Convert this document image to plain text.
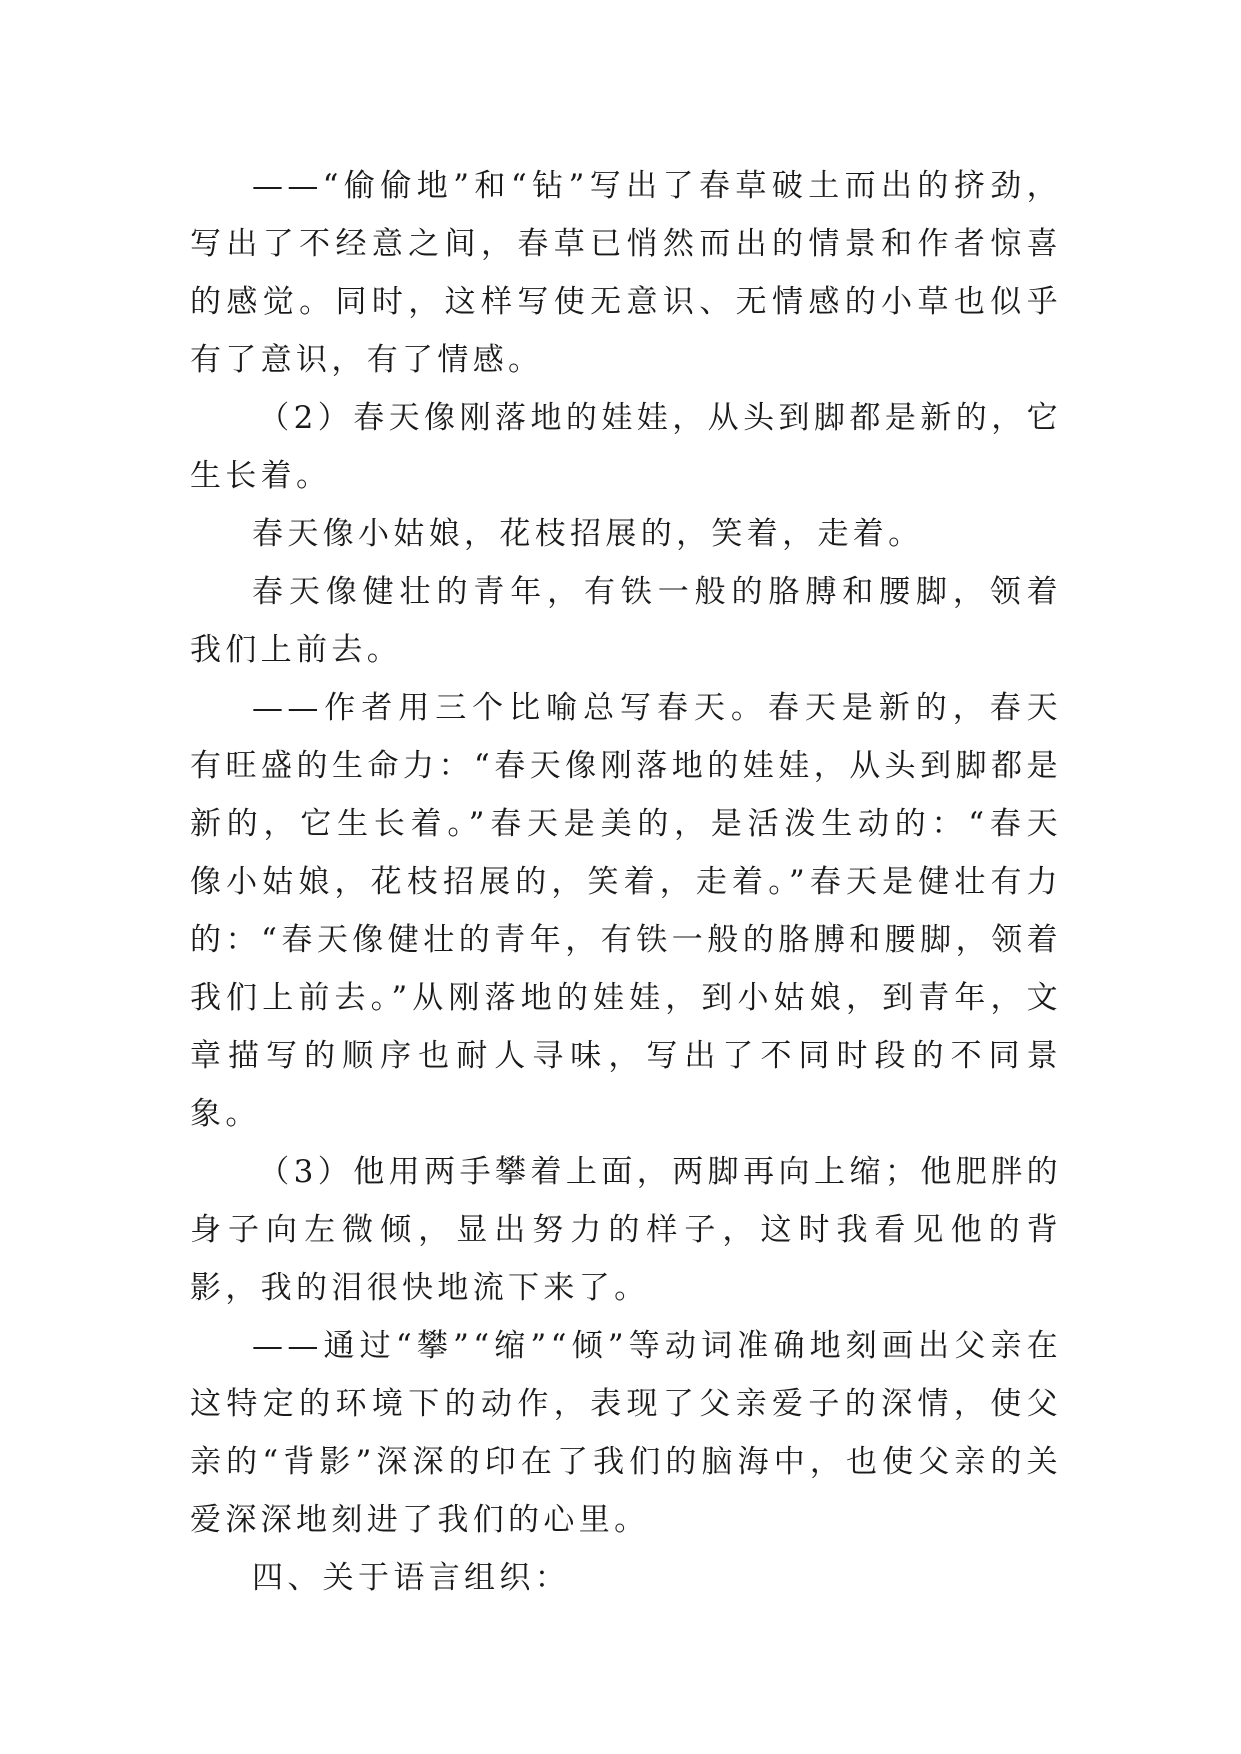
——“偷偷地”和“钻”写出了春草破土而出的挤劲，写出了不经意之间，春草已悄然而出的情景和作者惊喜的感觉。同时，这样写使无意识、无情感的小草也似乎有了意识，有了情感。

（2）春天像刚落地的娃娃，从头到脚都是新的，它生长着。

春天像小姑娘，花枝招展的，笑着，走着。

春天像健壮的青年，有铁一般的胳膊和腰脚，领着我们上前去。

——作者用三个比喻总写春天。春天是新的，春天有旺盛的生命力：“春天像刚落地的娃娃，从头到脚都是新的，它生长着。”春天是美的，是活泼生动的：“春天像小姑娘，花枝招展的，笑着，走着。”春天是健壮有力的：“春天像健壮的青年，有铁一般的胳膊和腰脚，领着我们上前去。”从刚落地的娃娃，到小姑娘，到青年，文章描写的顺序也耐人寻味，写出了不同时段的不同景象。

（3）他用两手攀着上面，两脚再向上缩；他肥胖的身子向左微倾，显出努力的样子，这时我看见他的背影，我的泪很快地流下来了。

——通过“攀”“缩”“倾”等动词准确地刻画出父亲在这特定的环境下的动作，表现了父亲爱子的深情，使父亲的“背影”深深的印在了我们的脑海中，也使父亲的关爱深深地刻进了我们的心里。

四、关于语言组织：
